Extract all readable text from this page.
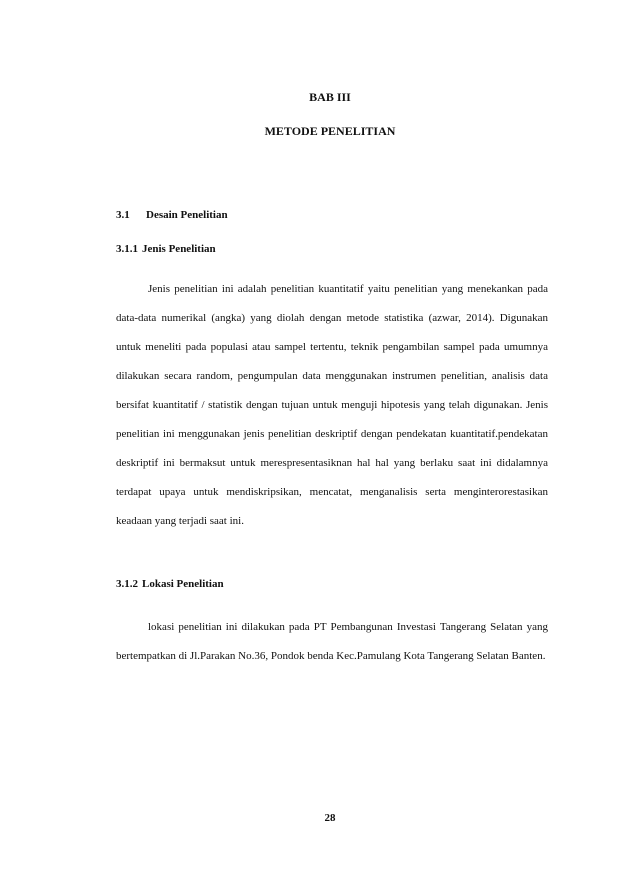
BAB III
METODE PENELITIAN
3.1 Desain Penelitian
3.1.1 Jenis Penelitian

Jenis penelitian ini adalah penelitian kuantitatif yaitu penelitian yang menekankan pada data-data numerikal (angka) yang diolah dengan metode statistika (azwar, 2014). Digunakan untuk meneliti pada populasi atau sampel tertentu, teknik pengambilan sampel pada umumnya dilakukan secara random, pengumpulan data menggunakan instrumen penelitian, analisis data bersifat kuantitatif / statistik dengan tujuan untuk menguji hipotesis yang telah digunakan. Jenis penelitian ini menggunakan jenis penelitian deskriptif dengan pendekatan kuantitatif.pendekatan deskriptif ini bermaksut untuk merespresentasiknan hal hal yang berlaku saat ini didalamnya terdapat upaya untuk mendiskripsikan, mencatat, menganalisis serta menginterorestasikan keadaan yang terjadi saat ini.

3.1.2 Lokasi Penelitian

lokasi penelitian ini dilakukan pada PT Pembangunan Investasi Tangerang Selatan yang bertempatkan di Jl.Parakan No.36, Pondok benda Kec.Pamulang Kota Tangerang Selatan Banten.

28
